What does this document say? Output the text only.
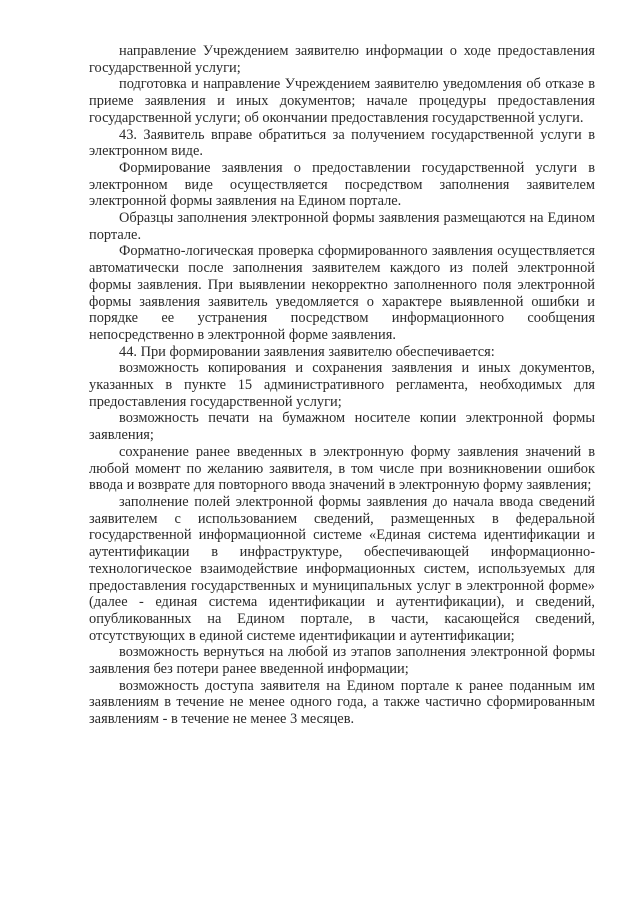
направление Учреждением заявителю информации о ходе предоставления государственной услуги;

подготовка и направление Учреждением заявителю уведомления об отказе в приеме заявления и иных документов; начале процедуры предоставления государственной услуги; об окончании предоставления государственной услуги.

43. Заявитель вправе обратиться за получением государственной услуги в электронном виде.

Формирование заявления о предоставлении государственной услуги в электронном виде осуществляется посредством заполнения заявителем электронной формы заявления на Едином портале.

Образцы заполнения электронной формы заявления размещаются на Едином портале.

Форматно-логическая проверка сформированного заявления осуществляется автоматически после заполнения заявителем каждого из полей электронной формы заявления. При выявлении некорректно заполненного поля электронной формы заявления заявитель уведомляется о характере выявленной ошибки и порядке ее устранения посредством информационного сообщения непосредственно в электронной форме заявления.

44. При формировании заявления заявителю обеспечивается:

возможность копирования и сохранения заявления и иных документов, указанных в пункте 15 административного регламента, необходимых для предоставления государственной услуги;

возможность печати на бумажном носителе копии электронной формы заявления;

сохранение ранее введенных в электронную форму заявления значений в любой момент по желанию заявителя, в том числе при возникновении ошибок ввода и возврате для повторного ввода значений в электронную форму заявления;

заполнение полей электронной формы заявления до начала ввода сведений заявителем с использованием сведений, размещенных в федеральной государственной информационной системе «Единая система идентификации и аутентификации в инфраструктуре, обеспечивающей информационно-технологическое взаимодействие информационных систем, используемых для предоставления государственных и муниципальных услуг в электронной форме» (далее - единая система идентификации и аутентификации), и сведений, опубликованных на Едином портале, в части, касающейся сведений, отсутствующих в единой системе идентификации и аутентификации;

возможность вернуться на любой из этапов заполнения электронной формы заявления без потери ранее введенной информации;

возможность доступа заявителя на Едином портале к ранее поданным им заявлениям в течение не менее одного года, а также частично сформированным заявлениям - в течение не менее 3 месяцев.
